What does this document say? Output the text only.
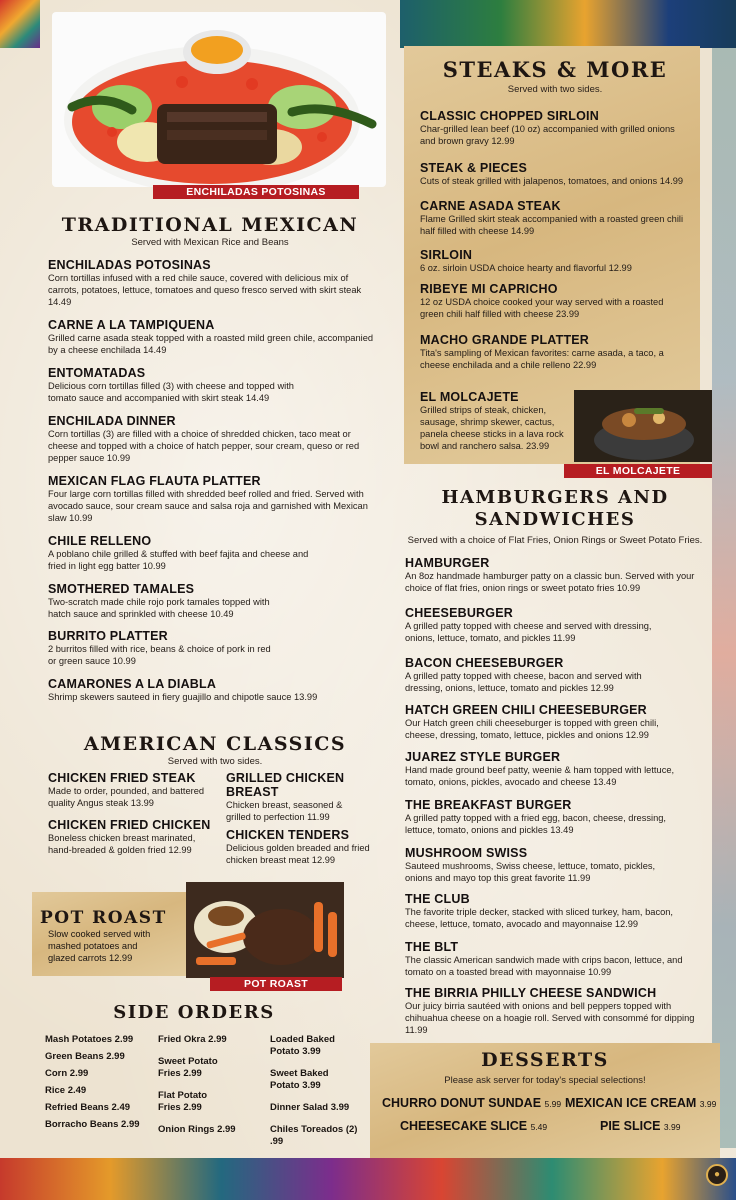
ENCHILADAS POTOSINAS
TRADITIONAL MEXICAN
Served with Mexican Rice and Beans
ENCHILADAS POTOSINAS
Corn tortillas infused with a red chile sauce, covered with delicious mix of carrots, potatoes, lettuce, tomatoes and queso fresco served with skirt steak 14.49
CARNE A LA TAMPIQUENA
Grilled carne asada steak topped with a roasted mild green chile, accompanied by a cheese enchilada 14.49
ENTOMATADAS
Delicious corn tortillas filled (3) with cheese and topped with tomato sauce and accompanied with skirt steak 14.49
ENCHILADA DINNER
Corn tortillas (3) are filled with a choice of shredded chicken, taco meat or cheese and topped with a choice of hatch pepper, sour cream, queso or red pepper sauce 10.99
MEXICAN FLAG FLAUTA PLATTER
Four large corn tortillas filled with shredded beef rolled and fried. Served with avocado sauce, sour cream sauce and salsa roja and garnished with Mexican slaw 10.99
CHILE RELLENO
A poblano chile grilled & stuffed with beef fajita and cheese and fried in light egg batter 10.99
SMOTHERED TAMALES
Two-scratch made chile rojo pork tamales topped with hatch sauce and sprinkled with cheese 10.49
BURRITO PLATTER
2 burritos filled with rice, beans & choice of pork in red or green sauce 10.99
CAMARONES A LA DIABLA
Shrimp skewers sauteed in fiery guajillo and chipotle sauce 13.99
AMERICAN CLASSICS
Served with two sides.
CHICKEN FRIED STEAK
Made to order, pounded, and battered quality Angus steak 13.99
GRILLED CHICKEN BREAST
Chicken breast, seasoned & grilled to perfection 11.99
CHICKEN FRIED CHICKEN
Boneless chicken breast marinated, hand-breaded & golden fried 12.99
CHICKEN TENDERS
Delicious golden breaded and fried chicken breast meat 12.99
POT ROAST
Slow cooked served with mashed potatoes and glazed carrots 12.99
POT ROAST
SIDE ORDERS
Mash Potatoes 2.99
Green Beans 2.99
Corn 2.99
Rice 2.49
Refried Beans 2.49
Borracho Beans 2.99
Fried Okra 2.99
Sweet Potato Fries 2.99
Flat Potato Fries 2.99
Onion Rings 2.99
Loaded Baked Potato 3.99
Sweet Baked Potato 3.99
Dinner Salad 3.99
Chiles Toreados (2) .99
STEAKS & MORE
Served with two sides.
CLASSIC CHOPPED SIRLOIN
Char-grilled lean beef (10 oz) accompanied with grilled onions and brown gravy 12.99
STEAK & PIECES
Cuts of steak grilled with jalapenos, tomatoes, and onions 14.99
CARNE ASADA STEAK
Flame Grilled skirt steak accompanied with a roasted green chili half filled with cheese 14.99
SIRLOIN
6 oz. sirloin USDA choice hearty and flavorful 12.99
RIBEYE MI CAPRICHO
12 oz USDA choice cooked your way served with a roasted green chili half filled with cheese 23.99
MACHO GRANDE PLATTER
Tita's sampling of Mexican favorites: carne asada, a taco, a cheese enchilada and a chile relleno 22.99
EL MOLCAJETE
Grilled strips of steak, chicken, sausage, shrimp skewer, cactus, panela cheese sticks in a lava rock bowl and ranchero salsa. 23.99
EL MOLCAJETE
HAMBURGERS AND
SANDWICHES
Served with a choice of Flat Fries, Onion Rings or Sweet Potato Fries.
HAMBURGER
An 8oz handmade hamburger patty on a classic bun. Served with your choice of flat fries, onion rings or sweet potato fries 10.99
CHEESEBURGER
A grilled patty topped with cheese and served with dressing, onions, lettuce, tomato, and pickles 11.99
BACON CHEESEBURGER
A grilled patty topped with cheese, bacon and served with dressing, onions, lettuce, tomato and pickles 12.99
HATCH GREEN CHILI CHEESEBURGER
Our Hatch green chili cheeseburger is topped with green chili, cheese, dressing, tomato, lettuce, pickles and onions 12.99
JUAREZ STYLE BURGER
Hand made ground beef patty, weenie & ham topped with lettuce, tomato, onions, pickles, avocado and cheese 13.49
THE BREAKFAST BURGER
A grilled patty topped with a fried egg, bacon, cheese, dressing, lettuce, tomato, onions and pickles 13.49
MUSHROOM SWISS
Sauteed mushrooms, Swiss cheese, lettuce, tomato, pickles, onions and mayo top this great favorite 11.99
THE CLUB
The favorite triple decker, stacked with sliced turkey, ham, bacon, cheese, lettuce, tomato, avocado and mayonnaise 12.99
THE BLT
The classic American sandwich made with crips bacon, lettuce, and tomato on a toasted bread with mayonnaise 10.99
THE BIRRIA PHILLY CHEESE SANDWICH
Our juicy birria sautéed with onions and bell peppers topped with chihuahua cheese on a hoagie roll. Served with consommé for dipping 11.99
DESSERTS
Please ask server for today's special selections!
CHURRO DONUT SUNDAE 5.99 MEXICAN ICE CREAM 3.99
CHEESECAKE SLICE 5.49	PIE SLICE 3.99
●
